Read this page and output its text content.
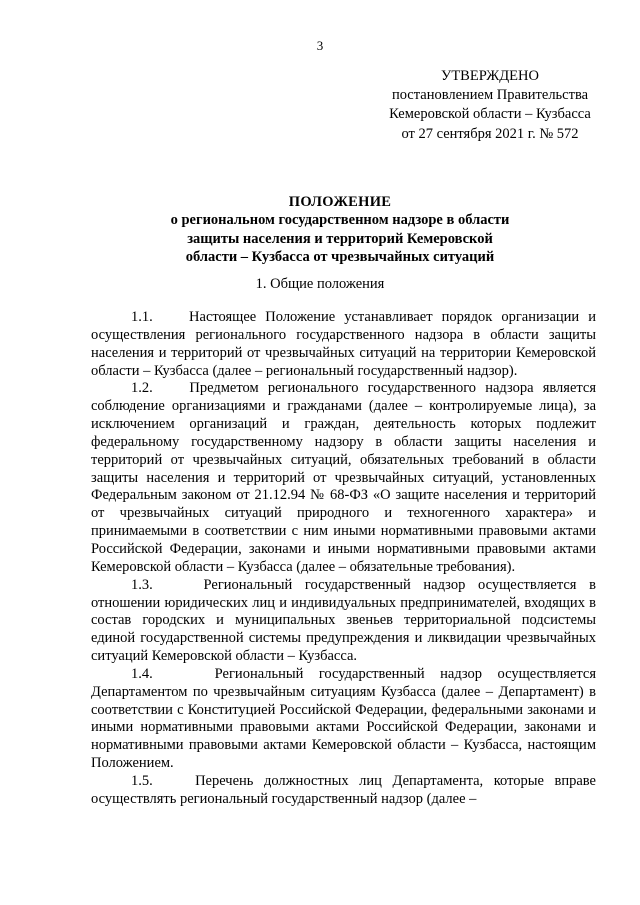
3
УТВЕРЖДЕНО
постановлением Правительства
Кемеровской области – Кузбасса
от 27 сентября 2021 г. № 572
ПОЛОЖЕНИЕ
о региональном государственном надзоре в области
защиты населения и территорий Кемеровской
области – Кузбасса от чрезвычайных ситуаций
1. Общие положения

1.1.	Настоящее Положение устанавливает порядок организации и осуществления регионального государственного надзора в области защиты населения и территорий от чрезвычайных ситуаций на территории Кемеровской области – Кузбасса (далее – региональный государственный надзор).

1.2.	Предметом регионального государственного надзора является соблюдение организациями и гражданами (далее – контролируемые лица), за исключением организаций и граждан, деятельность которых подлежит федеральному государственному надзору в области защиты населения и территорий от чрезвычайных ситуаций, обязательных требований в области защиты населения и территорий от чрезвычайных ситуаций, установленных Федеральным законом от 21.12.94 № 68-ФЗ «О защите населения и территорий от чрезвычайных ситуаций природного и техногенного характера» и принимаемыми в соответствии с ним иными нормативными правовыми актами Российской Федерации, законами и иными нормативными правовыми актами Кемеровской области – Кузбасса (далее – обязательные требования).

1.3.	Региональный государственный надзор осуществляется в отношении юридических лиц и индивидуальных предпринимателей, входящих в состав городских и муниципальных звеньев территориальной подсистемы единой государственной системы предупреждения и ликвидации чрезвычайных ситуаций Кемеровской области – Кузбасса.

1.4.	Региональный государственный надзор осуществляется Департаментом по чрезвычайным ситуациям Кузбасса (далее – Департамент) в соответствии с Конституцией Российской Федерации, федеральными законами и иными нормативными правовыми актами Российской Федерации, законами и нормативными правовыми актами Кемеровской области – Кузбасса, настоящим Положением.

1.5.	Перечень должностных лиц Департамента, которые вправе осуществлять региональный государственный надзор (далее –
